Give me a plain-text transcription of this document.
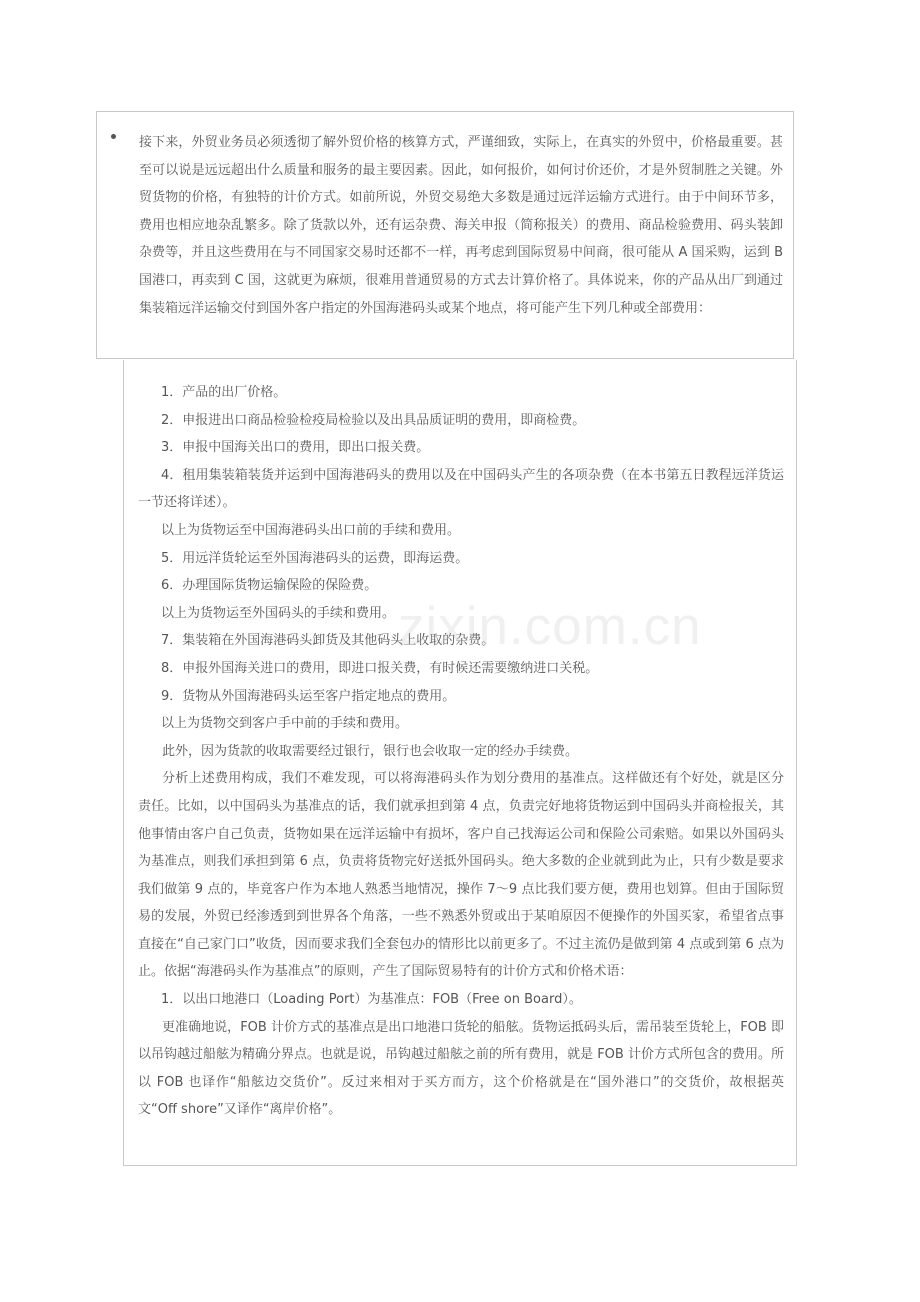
接下来，外贸业务员必须透彻了解外贸价格的核算方式，严谨细致，实际上，在真实的外贸中，价格最重要。甚至可以说是远远超出什么质量和服务的最主要因素。因此，如何报价，如何讨价还价，才是外贸制胜之关键。外贸货物的价格，有独特的计价方式。如前所说，外贸交易绝大多数是通过远洋运输方式进行。由于中间环节多，费用也相应地杂乱繁多。除了货款以外，还有运杂费、海关申报（简称报关）的费用、商品检验费用、码头装卸杂费等，并且这些费用在与不同国家交易时还都不一样，再考虑到国际贸易中间商，很可能从 A 国采购，运到 B 国港口，再卖到 C 国，这就更为麻烦，很难用普通贸易的方式去计算价格了。具体说来，你的产品从出厂到通过集装箱远洋运输交付到国外客户指定的外国海港码头或某个地点，将可能产生下列几种或全部费用：

1．产品的出厂价格。

2．申报进出口商品检验检疫局检验以及出具品质证明的费用，即商检费。

3．申报中国海关出口的费用，即出口报关费。

4．租用集装箱装货并运到中国海港码头的费用以及在中国码头产生的各项杂费（在本书第五日教程远洋货运一节还将详述）。

以上为货物运至中国海港码头出口前的手续和费用。

5．用远洋货轮运至外国海港码头的运费，即海运费。

6．办理国际货物运输保险的保险费。

以上为货物运至外国码头的手续和费用。

7．集装箱在外国海港码头卸货及其他码头上收取的杂费。

8．申报外国海关进口的费用，即进口报关费，有时候还需要缴纳进口关税。

9．货物从外国海港码头运至客户指定地点的费用。

以上为货物交到客户手中前的手续和费用。

此外，因为货款的收取需要经过银行，银行也会收取一定的经办手续费。

分析上述费用构成，我们不难发现，可以将海港码头作为划分费用的基准点。这样做还有个好处，就是区分责任。比如，以中国码头为基准点的话，我们就承担到第 4 点，负责完好地将货物运到中国码头并商检报关，其他事情由客户自己负责，货物如果在远洋运输中有损坏，客户自己找海运公司和保险公司索赔。如果以外国码头为基准点，则我们承担到第 6 点，负责将货物完好送抵外国码头。绝大多数的企业就到此为止，只有少数是要求我们做第 9 点的，毕竟客户作为本地人熟悉当地情况，操作 7～9 点比我们要方便，费用也划算。但由于国际贸易的发展，外贸已经渗透到到世界各个角落，一些不熟悉外贸或出于某咱原因不便操作的外国买家，希望省点事直接在“自己家门口”收货，因而要求我们全套包办的情形比以前更多了。不过主流仍是做到第 4 点或到第 6 点为止。依据“海港码头作为基准点”的原则，产生了国际贸易特有的计价方式和价格术语：

1．以出口地港口（Loading Port）为基准点：FOB（Free on Board）。

更准确地说，FOB 计价方式的基准点是出口地港口货轮的船舷。货物运抵码头后，需吊装至货轮上，FOB 即以吊钩越过船舷为精确分界点。也就是说，吊钩越过船舷之前的所有费用，就是 FOB 计价方式所包含的费用。所以 FOB 也译作“船舷边交货价”。反过来相对于买方而方，这个价格就是在“国外港口”的交货价，故根据英文“Off shore”又译作“离岸价格”。

zixin.com.cn
